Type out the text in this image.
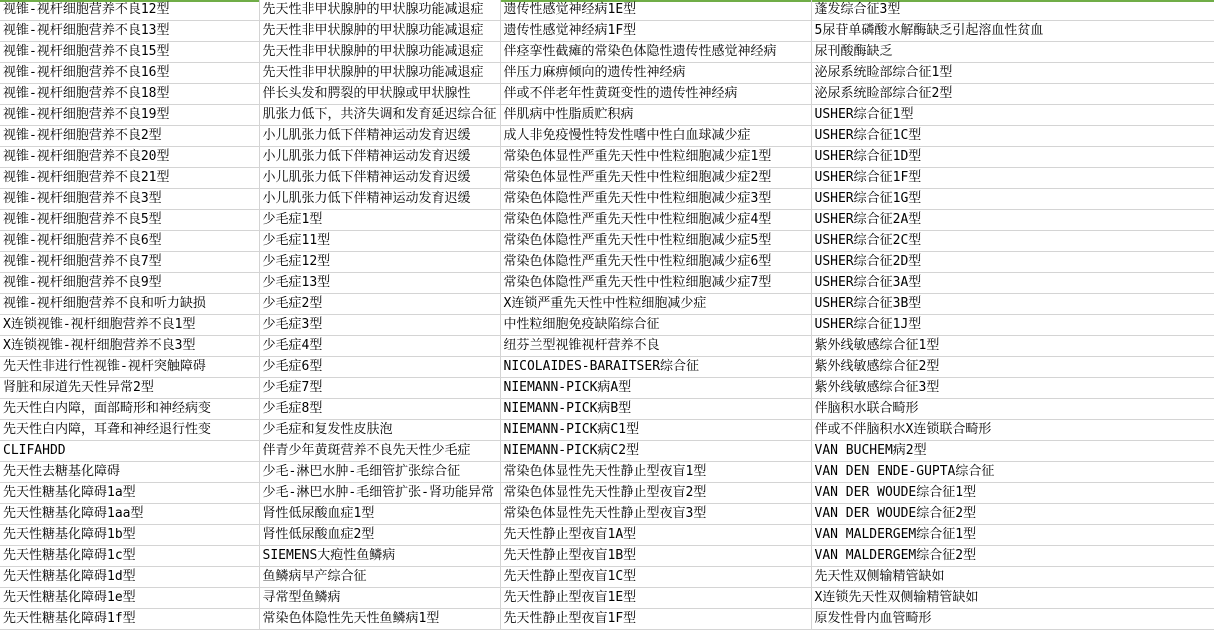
视锥-视杆细胞营养不良12型	先天性非甲状腺肿的甲状腺功能减退症	遗传性感觉神经病1E型	蓬发综合征3型
视锥-视杆细胞营养不良13型	先天性非甲状腺肿的甲状腺功能减退症	遗传性感觉神经病1F型	5尿苷单磷酸水解酶缺乏引起溶血性贫血
视锥-视杆细胞营养不良15型	先天性非甲状腺肿的甲状腺功能减退症	伴痉挛性截瘫的常染色体隐性遗传性感觉神经病	尿刊酸酶缺乏
视锥-视杆细胞营养不良16型	先天性非甲状腺肿的甲状腺功能减退症	伴压力麻痹倾向的遗传性神经病	泌尿系统睑部综合征1型
视锥-视杆细胞营养不良18型	伴长头发和腭裂的甲状腺或甲状腺性	伴或不伴老年性黄斑变性的遗传性神经病	泌尿系统睑部综合征2型
视锥-视杆细胞营养不良19型	肌张力低下，共济失调和发育延迟综合征	伴肌病中性脂质贮积病	USHER综合征1型
视锥-视杆细胞营养不良2型	小儿肌张力低下伴精神运动发育迟缓	成人非免疫慢性特发性嗜中性白血球减少症	USHER综合征1C型
视锥-视杆细胞营养不良20型	小儿肌张力低下伴精神运动发育迟缓	常染色体显性严重先天性中性粒细胞减少症1型	USHER综合征1D型
视锥-视杆细胞营养不良21型	小儿肌张力低下伴精神运动发育迟缓	常染色体显性严重先天性中性粒细胞减少症2型	USHER综合征1F型
视锥-视杆细胞营养不良3型	小儿肌张力低下伴精神运动发育迟缓	常染色体隐性严重先天性中性粒细胞减少症3型	USHER综合征1G型
视锥-视杆细胞营养不良5型	少毛症1型	常染色体隐性严重先天性中性粒细胞减少症4型	USHER综合征2A型
视锥-视杆细胞营养不良6型	少毛症11型	常染色体隐性严重先天性中性粒细胞减少症5型	USHER综合征2C型
视锥-视杆细胞营养不良7型	少毛症12型	常染色体隐性严重先天性中性粒细胞减少症6型	USHER综合征2D型
视锥-视杆细胞营养不良9型	少毛症13型	常染色体隐性严重先天性中性粒细胞减少症7型	USHER综合征3A型
视锥-视杆细胞营养不良和听力缺损	少毛症2型	X连锁严重先天性中性粒细胞减少症	USHER综合征3B型
X连锁视锥-视杆细胞营养不良1型	少毛症3型	中性粒细胞免疫缺陷综合征	USHER综合征1J型
X连锁视锥-视杆细胞营养不良3型	少毛症4型	纽芬兰型视锥视杆营养不良	紫外线敏感综合征1型
先天性非进行性视锥-视杆突触障碍	少毛症6型	NICOLAIDES-BARAITSER综合征	紫外线敏感综合征2型
肾脏和尿道先天性异常2型	少毛症7型	NIEMANN-PICK病A型	紫外线敏感综合征3型
先天性白内障，面部畸形和神经病变	少毛症8型	NIEMANN-PICK病B型	伴脑积水联合畸形
先天性白内障，耳聋和神经退行性变	少毛症和复发性皮肤泡	NIEMANN-PICK病C1型	伴或不伴脑积水X连锁联合畸形
CLIFAHDD	伴青少年黄斑营养不良先天性少毛症	NIEMANN-PICK病C2型	VAN BUCHEM病2型
先天性去糖基化障碍	少毛-淋巴水肿-毛细管扩张综合征	常染色体显性先天性静止型夜盲1型	VAN DEN ENDE-GUPTA综合征
先天性糖基化障碍1a型	少毛-淋巴水肿-毛细管扩张-肾功能异常	常染色体显性先天性静止型夜盲2型	VAN DER WOUDE综合征1型
先天性糖基化障碍1aa型	肾性低尿酸血症1型	常染色体显性先天性静止型夜盲3型	VAN DER WOUDE综合征2型
先天性糖基化障碍1b型	肾性低尿酸血症2型	先天性静止型夜盲1A型	VAN MALDERGEM综合征1型
先天性糖基化障碍1c型	SIEMENS大疱性鱼鳞病	先天性静止型夜盲1B型	VAN MALDERGEM综合征2型
先天性糖基化障碍1d型	鱼鳞病早产综合征	先天性静止型夜盲1C型	先天性双侧输精管缺如
先天性糖基化障碍1e型	寻常型鱼鳞病	先天性静止型夜盲1E型	X连锁先天性双侧输精管缺如
先天性糖基化障碍1f型	常染色体隐性先天性鱼鳞病1型	先天性静止型夜盲1F型	原发性骨内血管畸形
